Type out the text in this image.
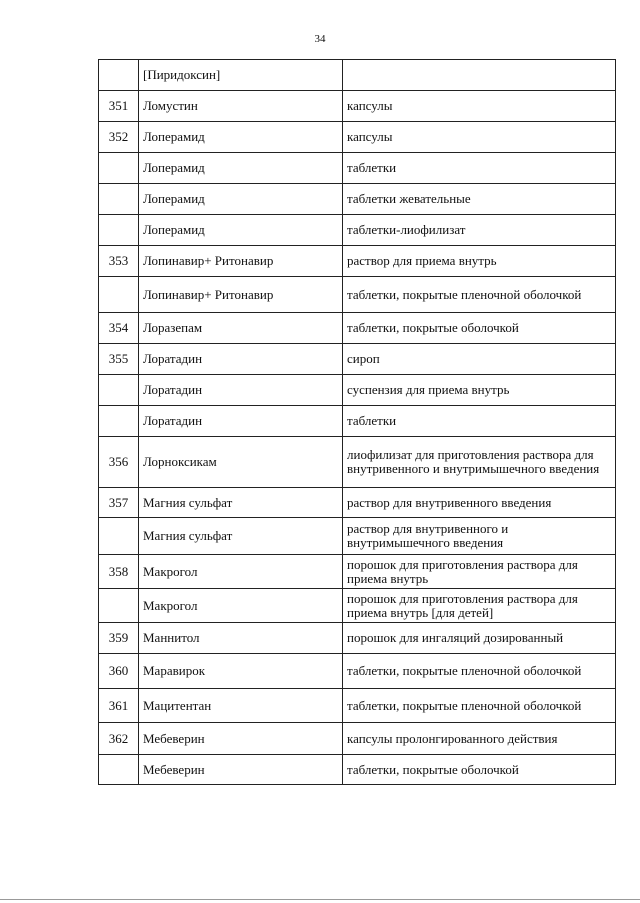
34
	[Пиридоксин]	
351	Ломустин	капсулы
352	Лоперамид	капсулы
	Лоперамид	таблетки
	Лоперамид	таблетки жевательные
	Лоперамид	таблетки-лиофилизат
353	Лопинавир+ Ритонавир	раствор для приема внутрь
	Лопинавир+ Ритонавир	таблетки, покрытые пленочной оболочкой
354	Лоразепам	таблетки, покрытые оболочкой
355	Лоратадин	сироп
	Лоратадин	суспензия для приема внутрь
	Лоратадин	таблетки
356	Лорноксикам	лиофилизат для приготовления раствора для внутривенного и внутримышечного введения
357	Магния сульфат	раствор для внутривенного введения
	Магния сульфат	раствор для внутривенного и внутримышечного введения
358	Макрогол	порошок для приготовления раствора для приема внутрь
	Макрогол	порошок для приготовления раствора для приема внутрь [для детей]
359	Маннитол	порошок для ингаляций дозированный
360	Маравирок	таблетки, покрытые пленочной оболочкой
361	Мацитентан	таблетки, покрытые пленочной оболочкой
362	Мебеверин	капсулы пролонгированного действия
	Мебеверин	таблетки, покрытые оболочкой
